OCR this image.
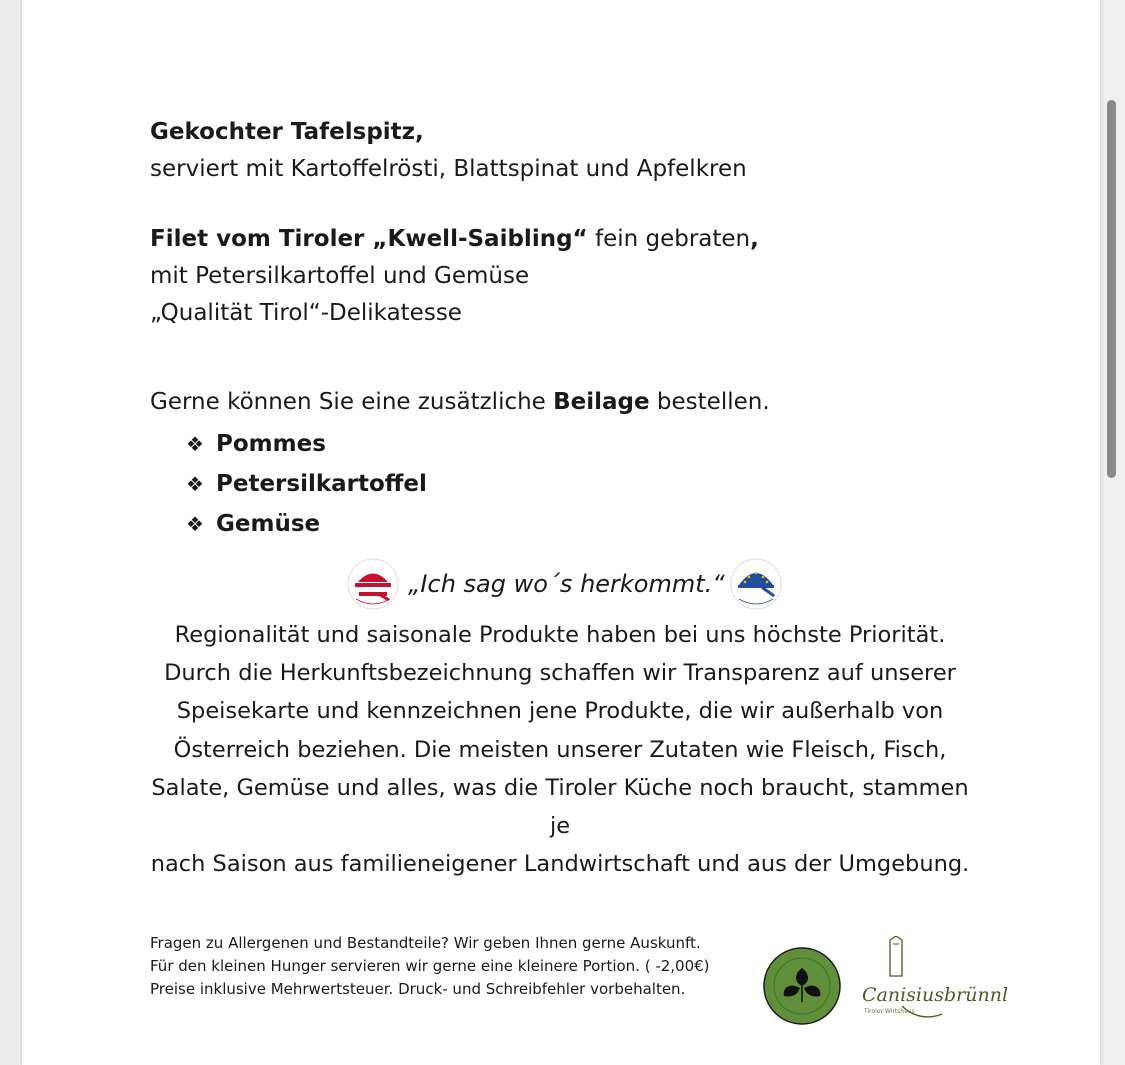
Gekochter Tafelspitz,
serviert mit Kartoffelrösti, Blattspinat und Apfelkren
Filet vom Tiroler „Kwell-Saibling“ fein gebraten,
mit Petersilkartoffel und Gemüse
„Qualität Tirol“-Delikatesse
Gerne können Sie eine zusätzliche Beilage bestellen.
❖ Pommes
❖ Petersilkartoffel
❖ Gemüse
„Ich sag wo´s herkommt.“
Regionalität und saisonale Produkte haben bei uns höchste Priorität.
Durch die Herkunftsbezeichnung schaffen wir Transparenz auf unserer
Speisekarte und kennzeichnen jene Produkte, die wir außerhalb von
Österreich beziehen. Die meisten unserer Zutaten wie Fleisch, Fisch,
Salate, Gemüse und alles, was die Tiroler Küche noch braucht, stammen je
nach Saison aus familieneigener Landwirtschaft und aus der Umgebung.
Fragen zu Allergenen und Bestandteile? Wir geben Ihnen gerne Auskunft.
Für den kleinen Hunger servieren wir gerne eine kleinere Portion. ( -2,00€)
Preise inklusive Mehrwertsteuer. Druck- und Schreibfehler vorbehalten.	Canisiusbrünnl
Tiroler Wirtshaus
